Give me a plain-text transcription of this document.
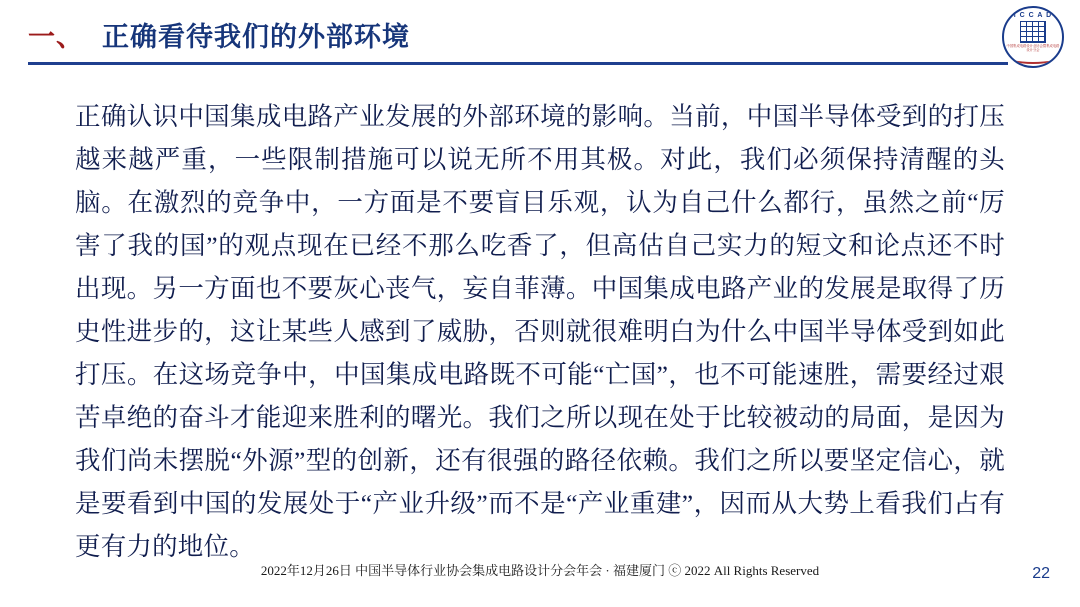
一、 正确看待我们的外部环境
I C C A D
中国集成电路设计业协会暨集成电路设计分会
正确认识中国集成电路产业发展的外部环境的影响。当前，中国半导体受到的打压越来越严重，一些限制措施可以说无所不用其极。对此，我们必须保持清醒的头脑。在激烈的竞争中，一方面是不要盲目乐观，认为自己什么都行，虽然之前“厉害了我的国”的观点现在已经不那么吃香了，但高估自己实力的短文和论点还不时出现。另一方面也不要灰心丧气，妄自菲薄。中国集成电路产业的发展是取得了历史性进步的，这让某些人感到了威胁，否则就很难明白为什么中国半导体受到如此打压。在这场竞争中，中国集成电路既不可能“亡国”，也不可能速胜，需要经过艰苦卓绝的奋斗才能迎来胜利的曙光。我们之所以现在处于比较被动的局面，是因为我们尚未摆脱“外源”型的创新，还有很强的路径依赖。我们之所以要坚定信心，就是要看到中国的发展处于“产业升级”而不是“产业重建”，因而从大势上看我们占有更有力的地位。
2022年12月26日 中国半导体行业协会集成电路设计分会年会 · 福建厦门 ⓒ 2022 All Rights Reserved	22
